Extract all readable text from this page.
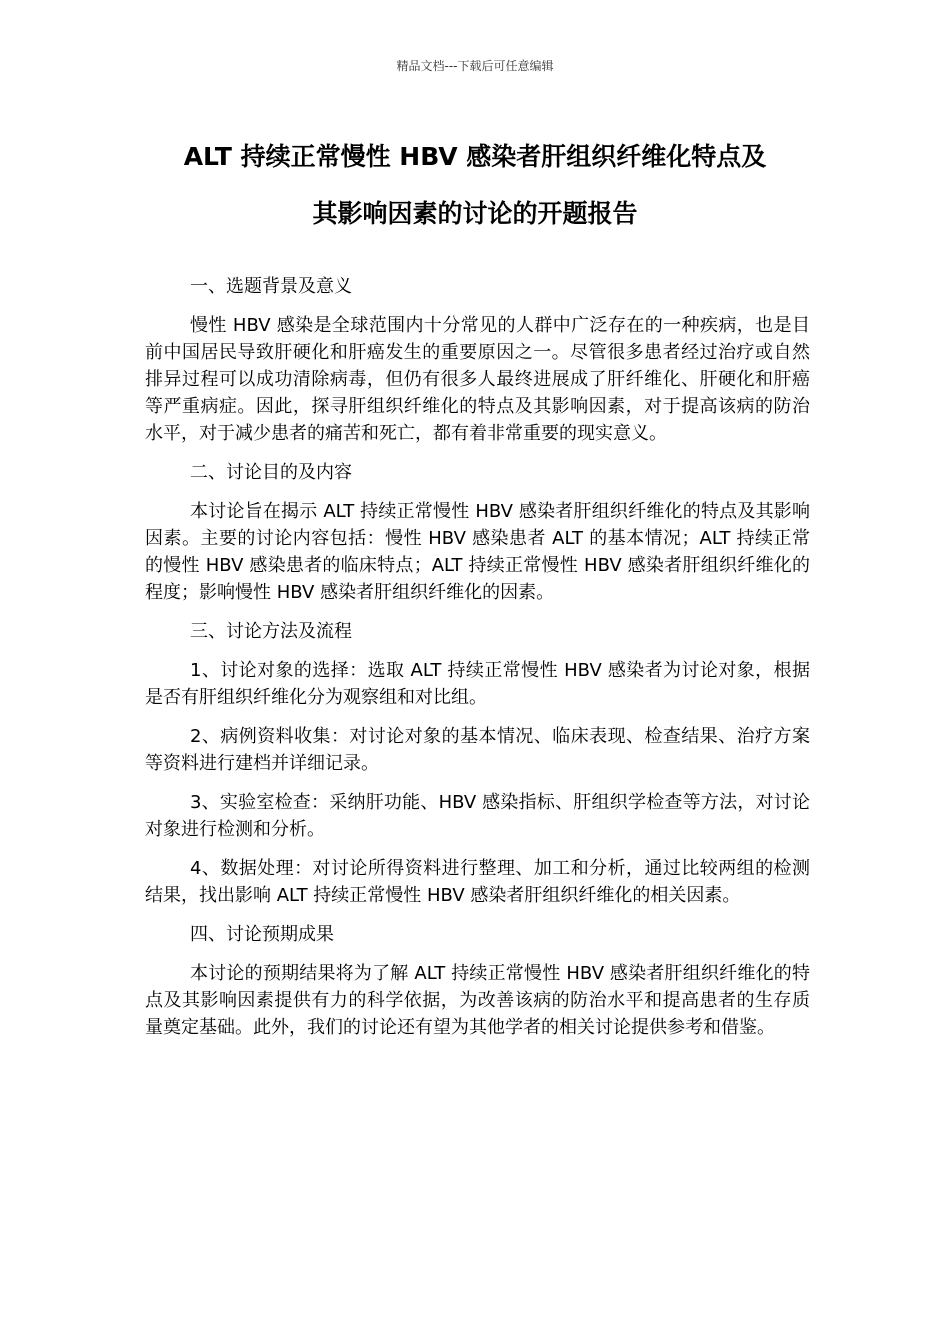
精品文档---下载后可任意编辑
ALT 持续正常慢性 HBV 感染者肝组织纤维化特点及
其影响因素的讨论的开题报告

一、选题背景及意义

慢性 HBV 感染是全球范围内十分常见的人群中广泛存在的一种疾病，也是目前中国居民导致肝硬化和肝癌发生的重要原因之一。尽管很多患者经过治疗或自然排异过程可以成功清除病毒，但仍有很多人最终进展成了肝纤维化、肝硬化和肝癌等严重病症。因此，探寻肝组织纤维化的特点及其影响因素，对于提高该病的防治水平，对于减少患者的痛苦和死亡，都有着非常重要的现实意义。

二、讨论目的及内容

本讨论旨在揭示 ALT 持续正常慢性 HBV 感染者肝组织纤维化的特点及其影响因素。主要的讨论内容包括：慢性 HBV 感染患者 ALT 的基本情况；ALT 持续正常的慢性 HBV 感染患者的临床特点；ALT 持续正常慢性 HBV 感染者肝组织纤维化的程度；影响慢性 HBV 感染者肝组织纤维化的因素。

三、讨论方法及流程

1、讨论对象的选择：选取 ALT 持续正常慢性 HBV 感染者为讨论对象，根据是否有肝组织纤维化分为观察组和对比组。

2、病例资料收集：对讨论对象的基本情况、临床表现、检查结果、治疗方案等资料进行建档并详细记录。

3、实验室检查：采纳肝功能、HBV 感染指标、肝组织学检查等方法，对讨论对象进行检测和分析。

4、数据处理：对讨论所得资料进行整理、加工和分析，通过比较两组的检测结果，找出影响 ALT 持续正常慢性 HBV 感染者肝组织纤维化的相关因素。

四、讨论预期成果

本讨论的预期结果将为了解 ALT 持续正常慢性 HBV 感染者肝组织纤维化的特点及其影响因素提供有力的科学依据，为改善该病的防治水平和提高患者的生存质量奠定基础。此外，我们的讨论还有望为其他学者的相关讨论提供参考和借鉴。
